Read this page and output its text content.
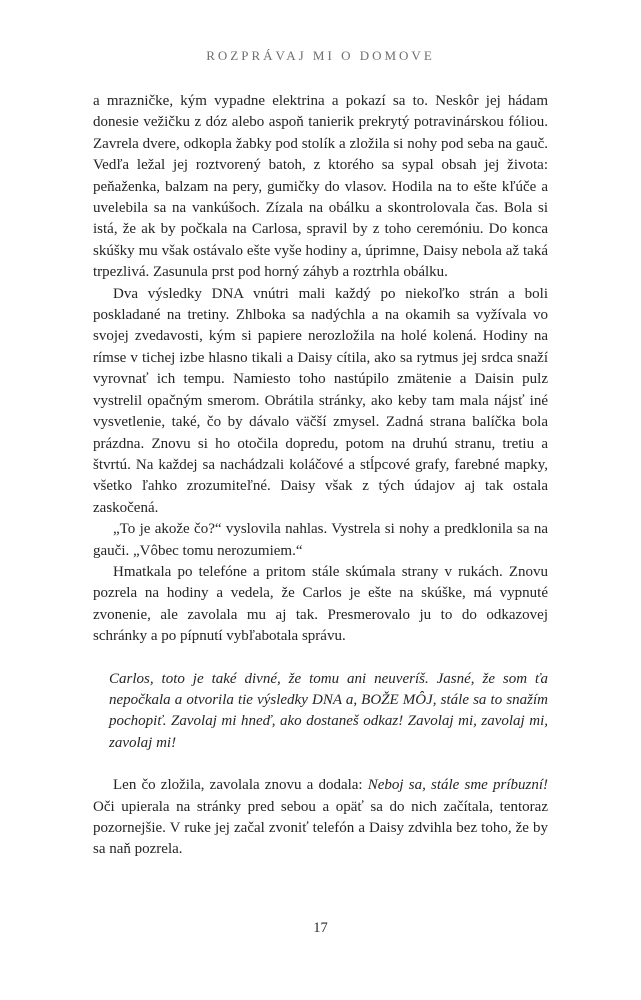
ROZPRÁVAJ MI O DOMOVE

a mrazničke, kým vypadne elektrina a pokazí sa to. Neskôr jej hádam donesie vežičku z dóz alebo aspoň tanierik prekrytý potravinárskou fóliou. Zavrela dvere, odkopla žabky pod stolík a zložila si nohy pod seba na gauč. Vedľa ležal jej roztvorený batoh, z ktorého sa sypal obsah jej života: peňaženka, balzam na pery, gumičky do vlasov. Hodila na to ešte kľúče a uvelebila sa na vankúšoch. Zízala na obálku a skontrolovala čas. Bola si istá, že ak by počkala na Carlosa, spravil by z toho ceremóniu. Do konca skúšky mu však ostávalo ešte vyše hodiny a, úprimne, Daisy nebola až taká trpezlivá. Zasunula prst pod horný záhyb a roztrhla obálku.

Dva výsledky DNA vnútri mali každý po niekoľko strán a boli poskladané na tretiny. Zhlboka sa nadýchla a na okamih sa vyžívala vo svojej zvedavosti, kým si papiere nerozložila na holé kolená. Hodiny na rímse v tichej izbe hlasno tikali a Daisy cítila, ako sa rytmus jej srdca snaží vyrovnať ich tempu. Namiesto toho nastúpilo zmätenie a Daisin pulz vystrelil opačným smerom. Obrátila stránky, ako keby tam mala nájsť iné vysvetlenie, také, čo by dávalo väčší zmysel. Zadná strana balíčka bola prázdna. Znovu si ho otočila dopredu, potom na druhú stranu, tretiu a štvrtú. Na každej sa nachádzali koláčové a stĺpcové grafy, farebné mapky, všetko ľahko zrozumiteľné. Daisy však z tých údajov aj tak ostala zaskočená.

„To je akože čo?“ vyslovila nahlas. Vystrela si nohy a predklonila sa na gauči. „Vôbec tomu nerozumiem.“

Hmatkala po telefóne a pritom stále skúmala strany v rukách. Znovu pozrela na hodiny a vedela, že Carlos je ešte na skúške, má vypnuté zvonenie, ale zavolala mu aj tak. Presmerovalo ju to do odkazovej schránky a po pípnutí vybľabotala správu.

Carlos, toto je také divné, že tomu ani neuveríš. Jasné, že som ťa nepočkala a otvorila tie výsledky DNA a, BOŽE MÔJ, stále sa to snažím pochopiť. Zavolaj mi hneď, ako dostaneš odkaz! Zavolaj mi, zavolaj mi, zavolaj mi!

Len čo zložila, zavolala znovu a dodala: Neboj sa, stále sme príbuzní! Oči upierala na stránky pred sebou a opäť sa do nich začítala, tentoraz pozornejšie. V ruke jej začal zvoniť telefón a Daisy zdvihla bez toho, že by sa naň pozrela.

17
